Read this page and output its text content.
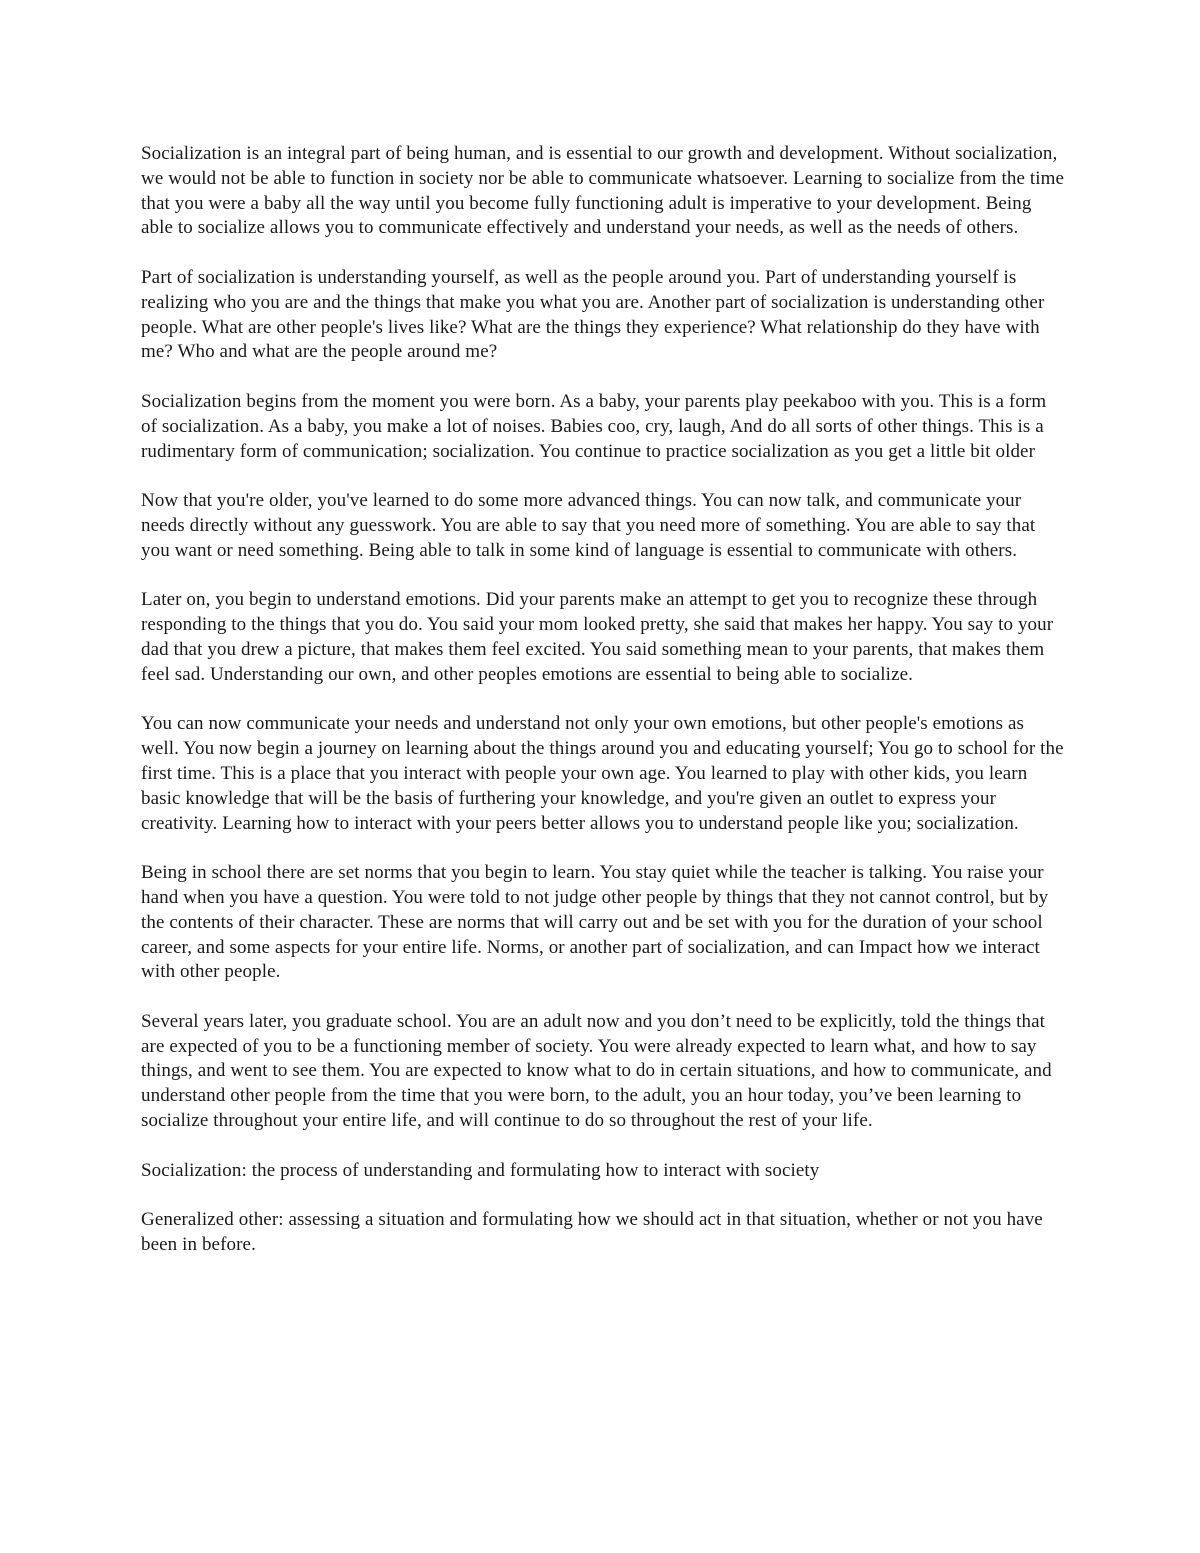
Socialization is an integral part of being human, and is essential to our growth and development. Without socialization, we would not be able to function in society nor be able to communicate whatsoever. Learning to socialize from the time that you were a baby all the way until you become fully functioning adult is imperative to your development. Being able to socialize allows you to communicate effectively and understand your needs, as well as the needs of others.

Part of socialization is understanding yourself, as well as the people around you. Part of understanding yourself is realizing who you are and the things that make you what you are. Another part of socialization is understanding other people. What are other people's lives like? What are the things they experience? What relationship do they have with me? Who and what are the people around me?

Socialization begins from the moment you were born. As a baby, your parents play peekaboo with you. This is a form of socialization. As a baby, you make a lot of noises. Babies coo, cry, laugh, And do all sorts of other things. This is a rudimentary form of communication; socialization. You continue to practice socialization as you get a little bit older

Now that you're older, you've learned to do some more advanced things. You can now talk, and communicate your needs directly without any guesswork. You are able to say that you need more of something. You are able to say that you want or need something. Being able to talk in some kind of language is essential to communicate with others.

Later on, you begin to understand emotions. Did your parents make an attempt to get you to recognize these through responding to the things that you do. You said your mom looked pretty, she said that makes her happy. You say to your dad that you drew a picture, that makes them feel excited. You said something mean to your parents, that makes them feel sad. Understanding our own, and other peoples emotions are essential to being able to socialize.

You can now communicate your needs and understand not only your own emotions, but other people's emotions as well. You now begin a journey on learning about the things around you and educating yourself; You go to school for the first time. This is a place that you interact with people your own age. You learned to play with other kids, you learn basic knowledge that will be the basis of furthering your knowledge, and you're given an outlet to express your creativity. Learning how to interact with your peers better allows you to understand people like you; socialization.

Being in school there are set norms that you begin to learn. You stay quiet while the teacher is talking. You raise your hand when you have a question. You were told to not judge other people by things that they not cannot control, but by the contents of their character. These are norms that will carry out and be set with you for the duration of your school career, and some aspects for your entire life. Norms, or another part of socialization, and can Impact how we interact with other people.

Several years later, you graduate school. You are an adult now and you don’t need to be explicitly, told the things that are expected of you to be a functioning member of society. You were already expected to learn what, and how to say things, and went to see them. You are expected to know what to do in certain situations, and how to communicate, and understand other people from the time that you were born, to the adult, you an hour today, you’ve been learning to socialize throughout your entire life, and will continue to do so throughout the rest of your life.

Socialization: the process of understanding and formulating how to interact with society

Generalized other: assessing a situation and formulating how we should act in that situation, whether or not you have been in before.
